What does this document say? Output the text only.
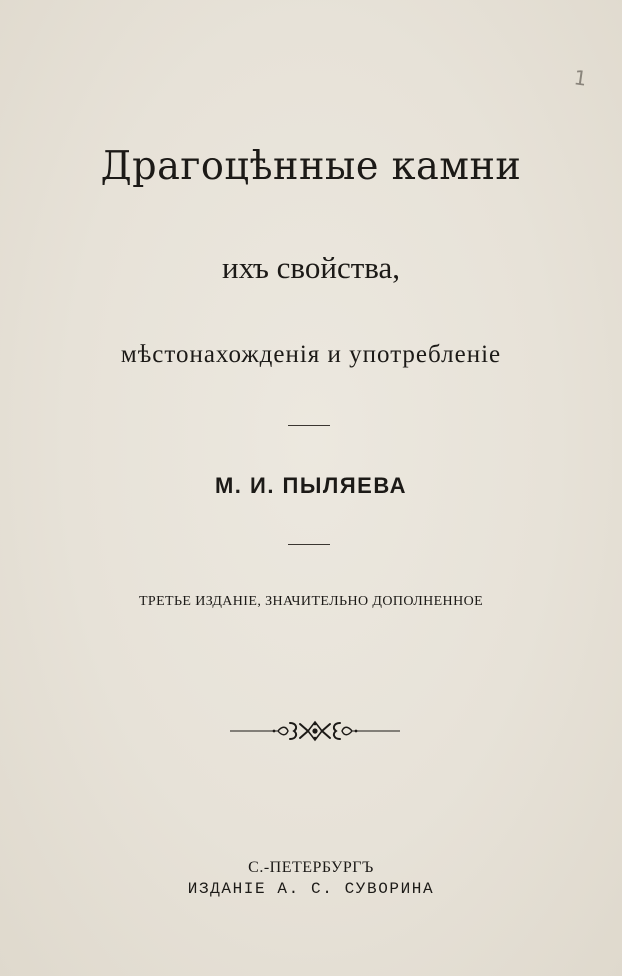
1
Драгоцѣнные камни
ихъ свойства,
мѣстонахожденія и употребленіе
М. И. ПЫЛЯЕВА
ТРЕТЬЕ ИЗДАНІЕ, ЗНАЧИТЕЛЬНО ДОПОЛНЕННОЕ
С.-ПЕТЕРБУРГЪ
ИЗДАНІЕ А. С. СУВОРИНА
